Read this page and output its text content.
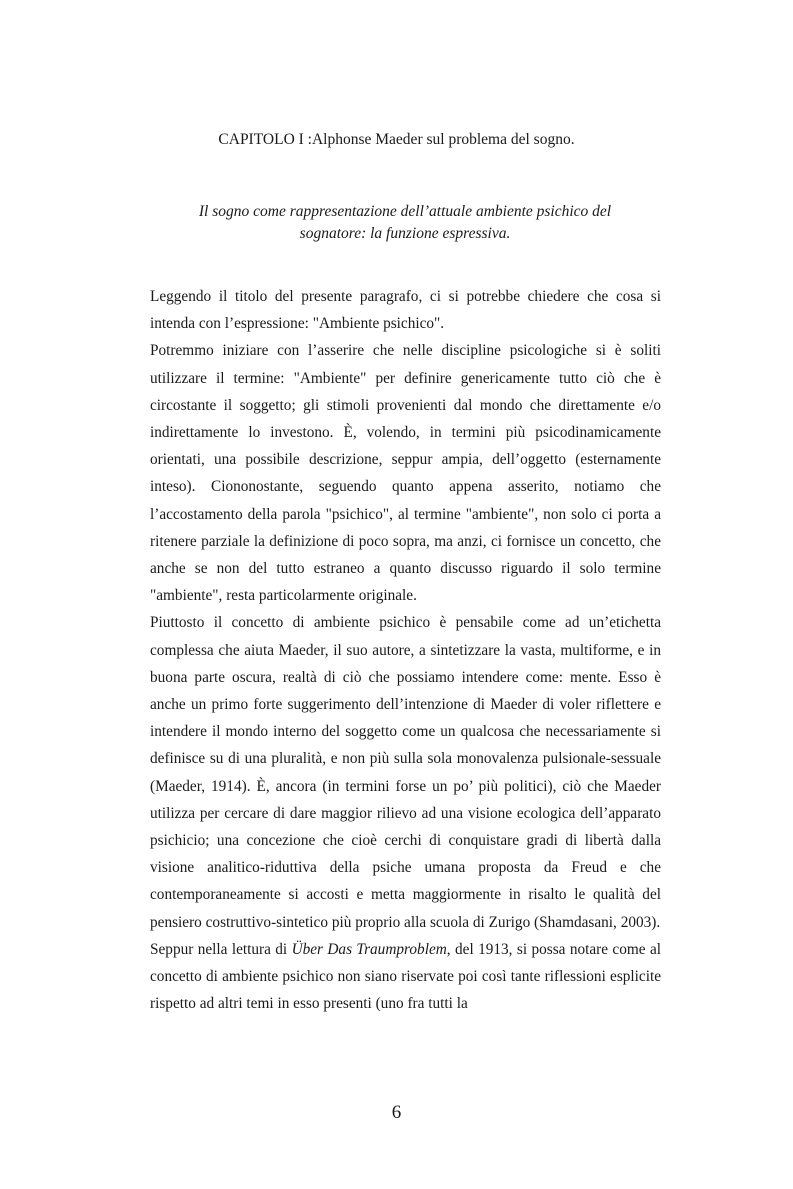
CAPITOLO I :Alphonse Maeder sul problema del sogno.
Il sogno come rappresentazione dell’attuale ambiente psichico del
sognatore: la funzione espressiva.

Leggendo il titolo del presente paragrafo, ci si potrebbe chiedere che cosa si intenda con l’espressione: "Ambiente psichico".

Potremmo iniziare con l’asserire che nelle discipline psicologiche si è soliti utilizzare il termine: "Ambiente" per definire genericamente tutto ciò che è circostante il soggetto; gli stimoli provenienti dal mondo che direttamente e/o indirettamente lo investono. È, volendo, in termini più psicodinamicamente orientati, una possibile descrizione, seppur ampia, dell’oggetto (esternamente inteso). Ciononostante, seguendo quanto appena asserito, notiamo che l’accostamento della parola "psichico", al termine "ambiente", non solo ci porta a ritenere parziale la definizione di poco sopra, ma anzi, ci fornisce un concetto, che anche se non del tutto estraneo a quanto discusso riguardo il solo termine "ambiente", resta particolarmente originale.

Piuttosto il concetto di ambiente psichico è pensabile come ad un’etichetta complessa che aiuta Maeder, il suo autore, a sintetizzare la vasta, multiforme, e in buona parte oscura, realtà di ciò che possiamo intendere come: mente. Esso è anche un primo forte suggerimento dell’intenzione di Maeder di voler riflettere e intendere il mondo interno del soggetto come un qualcosa che necessariamente si definisce su di una pluralità, e non più sulla sola monovalenza pulsionale-sessuale (Maeder, 1914). È, ancora (in termini forse un po’ più politici), ciò che Maeder utilizza per cercare di dare maggior rilievo ad una visione ecologica dell’apparato psichicio; una concezione che cioè cerchi di conquistare gradi di libertà dalla visione analitico-riduttiva della psiche umana proposta da Freud e che contemporaneamente si accosti e metta maggiormente in risalto le qualità del pensiero costruttivo-sintetico più proprio alla scuola di Zurigo (Shamdasani, 2003).

Seppur nella lettura di Über Das Traumproblem, del 1913, si possa notare come al concetto di ambiente psichico non siano riservate poi così tante riflessioni esplicite rispetto ad altri temi in esso presenti (uno fra tutti la

6
